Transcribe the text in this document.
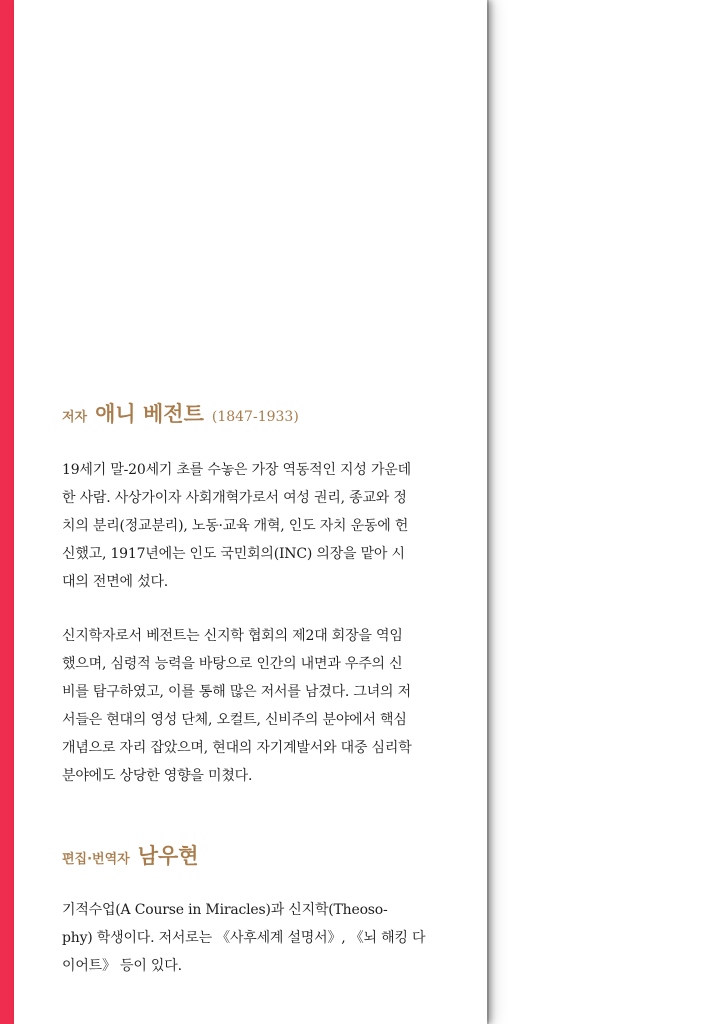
저자 애니 베전트 (1847-1933)

19세기 말-20세기 초를 수놓은 가장 역동적인 지성 가운데
한 사람. 사상가이자 사회개혁가로서 여성 권리, 종교와 정
치의 분리(정교분리), 노동·교육 개혁, 인도 자치 운동에 헌
신했고, 1917년에는 인도 국민회의(INC) 의장을 맡아 시
대의 전면에 섰다.

신지학자로서 베전트는 신지학 협회의 제2대 회장을 역임
했으며, 심령적 능력을 바탕으로 인간의 내면과 우주의 신
비를 탐구하였고, 이를 통해 많은 저서를 남겼다. 그녀의 저
서들은 현대의 영성 단체, 오컬트, 신비주의 분야에서 핵심
개념으로 자리 잡았으며, 현대의 자기계발서와 대중 심리학
분야에도 상당한 영향을 미쳤다.

편집·번역자 남우현

기적수업(A Course in Miracles)과 신지학(Theoso-
phy) 학생이다. 저서로는 《사후세계 설명서》, 《뇌 해킹 다
이어트》 등이 있다.
